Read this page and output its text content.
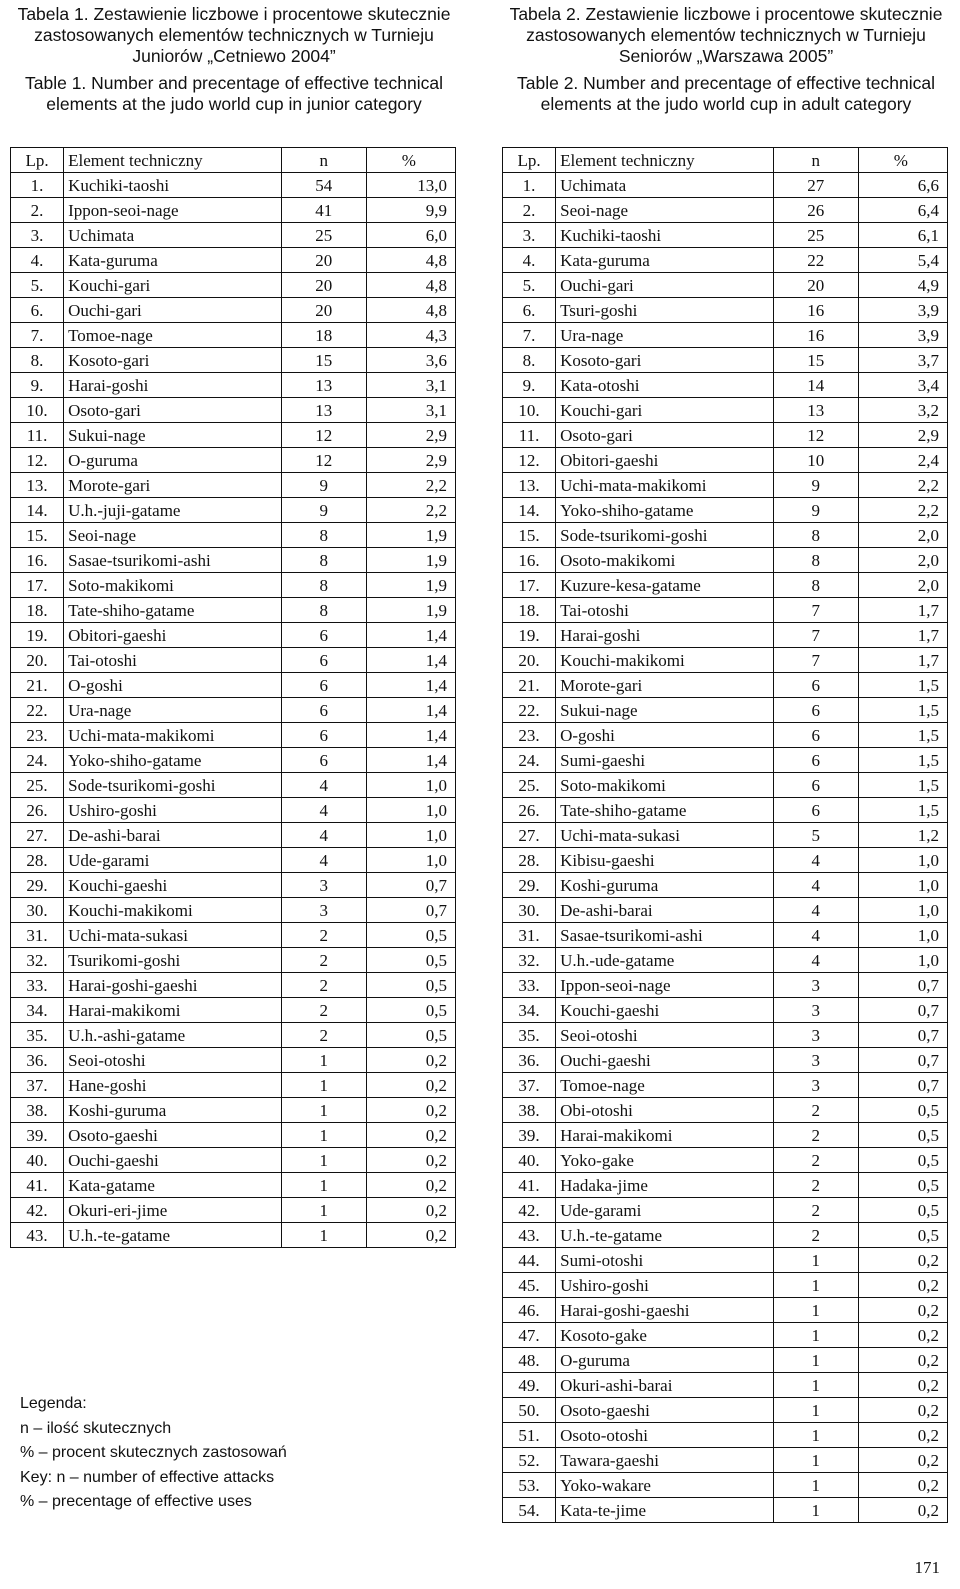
Tabela 1. Zestawienie liczbowe i procentowe skutecznie zastosowanych elementów technicznych w Turnieju Juniorów „Cetniewo 2004”

Table 1. Number and precentage of effective technical elements at the judo world cup in junior category

Lp.	Element techniczny	n	%
1.	Kuchiki-taoshi	54	13,0
2.	Ippon-seoi-nage	41	9,9
3.	Uchimata	25	6,0
4.	Kata-guruma	20	4,8
5.	Kouchi-gari	20	4,8
6.	Ouchi-gari	20	4,8
7.	Tomoe-nage	18	4,3
8.	Kosoto-gari	15	3,6
9.	Harai-goshi	13	3,1
10.	Osoto-gari	13	3,1
11.	Sukui-nage	12	2,9
12.	O-guruma	12	2,9
13.	Morote-gari	9	2,2
14.	U.h.-juji-gatame	9	2,2
15.	Seoi-nage	8	1,9
16.	Sasae-tsurikomi-ashi	8	1,9
17.	Soto-makikomi	8	1,9
18.	Tate-shiho-gatame	8	1,9
19.	Obitori-gaeshi	6	1,4
20.	Tai-otoshi	6	1,4
21.	O-goshi	6	1,4
22.	Ura-nage	6	1,4
23.	Uchi-mata-makikomi	6	1,4
24.	Yoko-shiho-gatame	6	1,4
25.	Sode-tsurikomi-goshi	4	1,0
26.	Ushiro-goshi	4	1,0
27.	De-ashi-barai	4	1,0
28.	Ude-garami	4	1,0
29.	Kouchi-gaeshi	3	0,7
30.	Kouchi-makikomi	3	0,7
31.	Uchi-mata-sukasi	2	0,5
32.	Tsurikomi-goshi	2	0,5
33.	Harai-goshi-gaeshi	2	0,5
34.	Harai-makikomi	2	0,5
35.	U.h.-ashi-gatame	2	0,5
36.	Seoi-otoshi	1	0,2
37.	Hane-goshi	1	0,2
38.	Koshi-guruma	1	0,2
39.	Osoto-gaeshi	1	0,2
40.	Ouchi-gaeshi	1	0,2
41.	Kata-gatame	1	0,2
42.	Okuri-eri-jime	1	0,2
43.	U.h.-te-gatame	1	0,2
Legenda:
n – ilość skutecznych
% – procent skutecznych zastosowań
Key: n – number of effective attacks
% – precentage of effective uses

Tabela 2. Zestawienie liczbowe i procentowe skutecznie zastosowanych elementów technicznych w Turnieju Seniorów „Warszawa 2005”

Table 2. Number and precentage of effective technical elements at the judo world cup in adult category

Lp.	Element techniczny	n	%
1.	Uchimata	27	6,6
2.	Seoi-nage	26	6,4
3.	Kuchiki-taoshi	25	6,1
4.	Kata-guruma	22	5,4
5.	Ouchi-gari	20	4,9
6.	Tsuri-goshi	16	3,9
7.	Ura-nage	16	3,9
8.	Kosoto-gari	15	3,7
9.	Kata-otoshi	14	3,4
10.	Kouchi-gari	13	3,2
11.	Osoto-gari	12	2,9
12.	Obitori-gaeshi	10	2,4
13.	Uchi-mata-makikomi	9	2,2
14.	Yoko-shiho-gatame	9	2,2
15.	Sode-tsurikomi-goshi	8	2,0
16.	Osoto-makikomi	8	2,0
17.	Kuzure-kesa-gatame	8	2,0
18.	Tai-otoshi	7	1,7
19.	Harai-goshi	7	1,7
20.	Kouchi-makikomi	7	1,7
21.	Morote-gari	6	1,5
22.	Sukui-nage	6	1,5
23.	O-goshi	6	1,5
24.	Sumi-gaeshi	6	1,5
25.	Soto-makikomi	6	1,5
26.	Tate-shiho-gatame	6	1,5
27.	Uchi-mata-sukasi	5	1,2
28.	Kibisu-gaeshi	4	1,0
29.	Koshi-guruma	4	1,0
30.	De-ashi-barai	4	1,0
31.	Sasae-tsurikomi-ashi	4	1,0
32.	U.h.-ude-gatame	4	1,0
33.	Ippon-seoi-nage	3	0,7
34.	Kouchi-gaeshi	3	0,7
35.	Seoi-otoshi	3	0,7
36.	Ouchi-gaeshi	3	0,7
37.	Tomoe-nage	3	0,7
38.	Obi-otoshi	2	0,5
39.	Harai-makikomi	2	0,5
40.	Yoko-gake	2	0,5
41.	Hadaka-jime	2	0,5
42.	Ude-garami	2	0,5
43.	U.h.-te-gatame	2	0,5
44.	Sumi-otoshi	1	0,2
45.	Ushiro-goshi	1	0,2
46.	Harai-goshi-gaeshi	1	0,2
47.	Kosoto-gake	1	0,2
48.	O-guruma	1	0,2
49.	Okuri-ashi-barai	1	0,2
50.	Osoto-gaeshi	1	0,2
51.	Osoto-otoshi	1	0,2
52.	Tawara-gaeshi	1	0,2
53.	Yoko-wakare	1	0,2
54.	Kata-te-jime	1	0,2
171
